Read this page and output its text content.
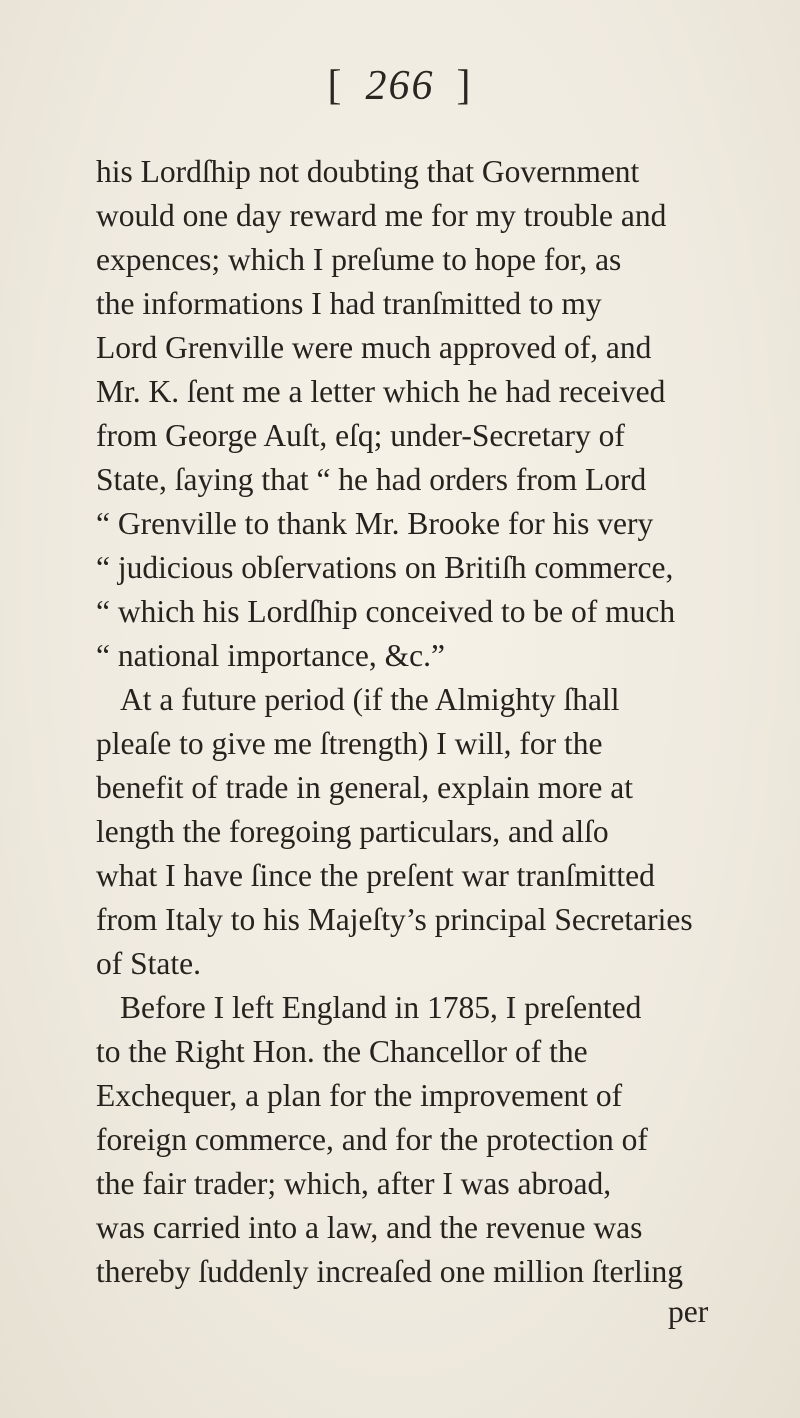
[ 266 ]
his Lordſhip not doubting that Government
would one day reward me for my trouble and
expences; which I preſume to hope for, as
the informations I had tranſmitted to my
Lord Grenville were much approved of, and
Mr. K. ſent me a letter which he had received
from George Auſt, eſq; under-Secretary of
State, ſaying that “ he had orders from Lord
“ Grenville to thank Mr. Brooke for his very
“ judicious obſervations on Britiſh commerce,
“ which his Lordſhip conceived to be of much
“ national importance, &c.”
At a future period (if the Almighty ſhall
pleaſe to give me ſtrength) I will, for the
benefit of trade in general, explain more at
length the foregoing particulars, and alſo
what I have ſince the preſent war tranſmitted
from Italy to his Majeſty’s principal Secretaries
of State.
Before I left England in 1785, I preſented
to the Right Hon. the Chancellor of the
Exchequer, a plan for the improvement of
foreign commerce, and for the protection of
the fair trader; which, after I was abroad,
was carried into a law, and the revenue was
thereby ſuddenly increaſed one million ſterling
per
